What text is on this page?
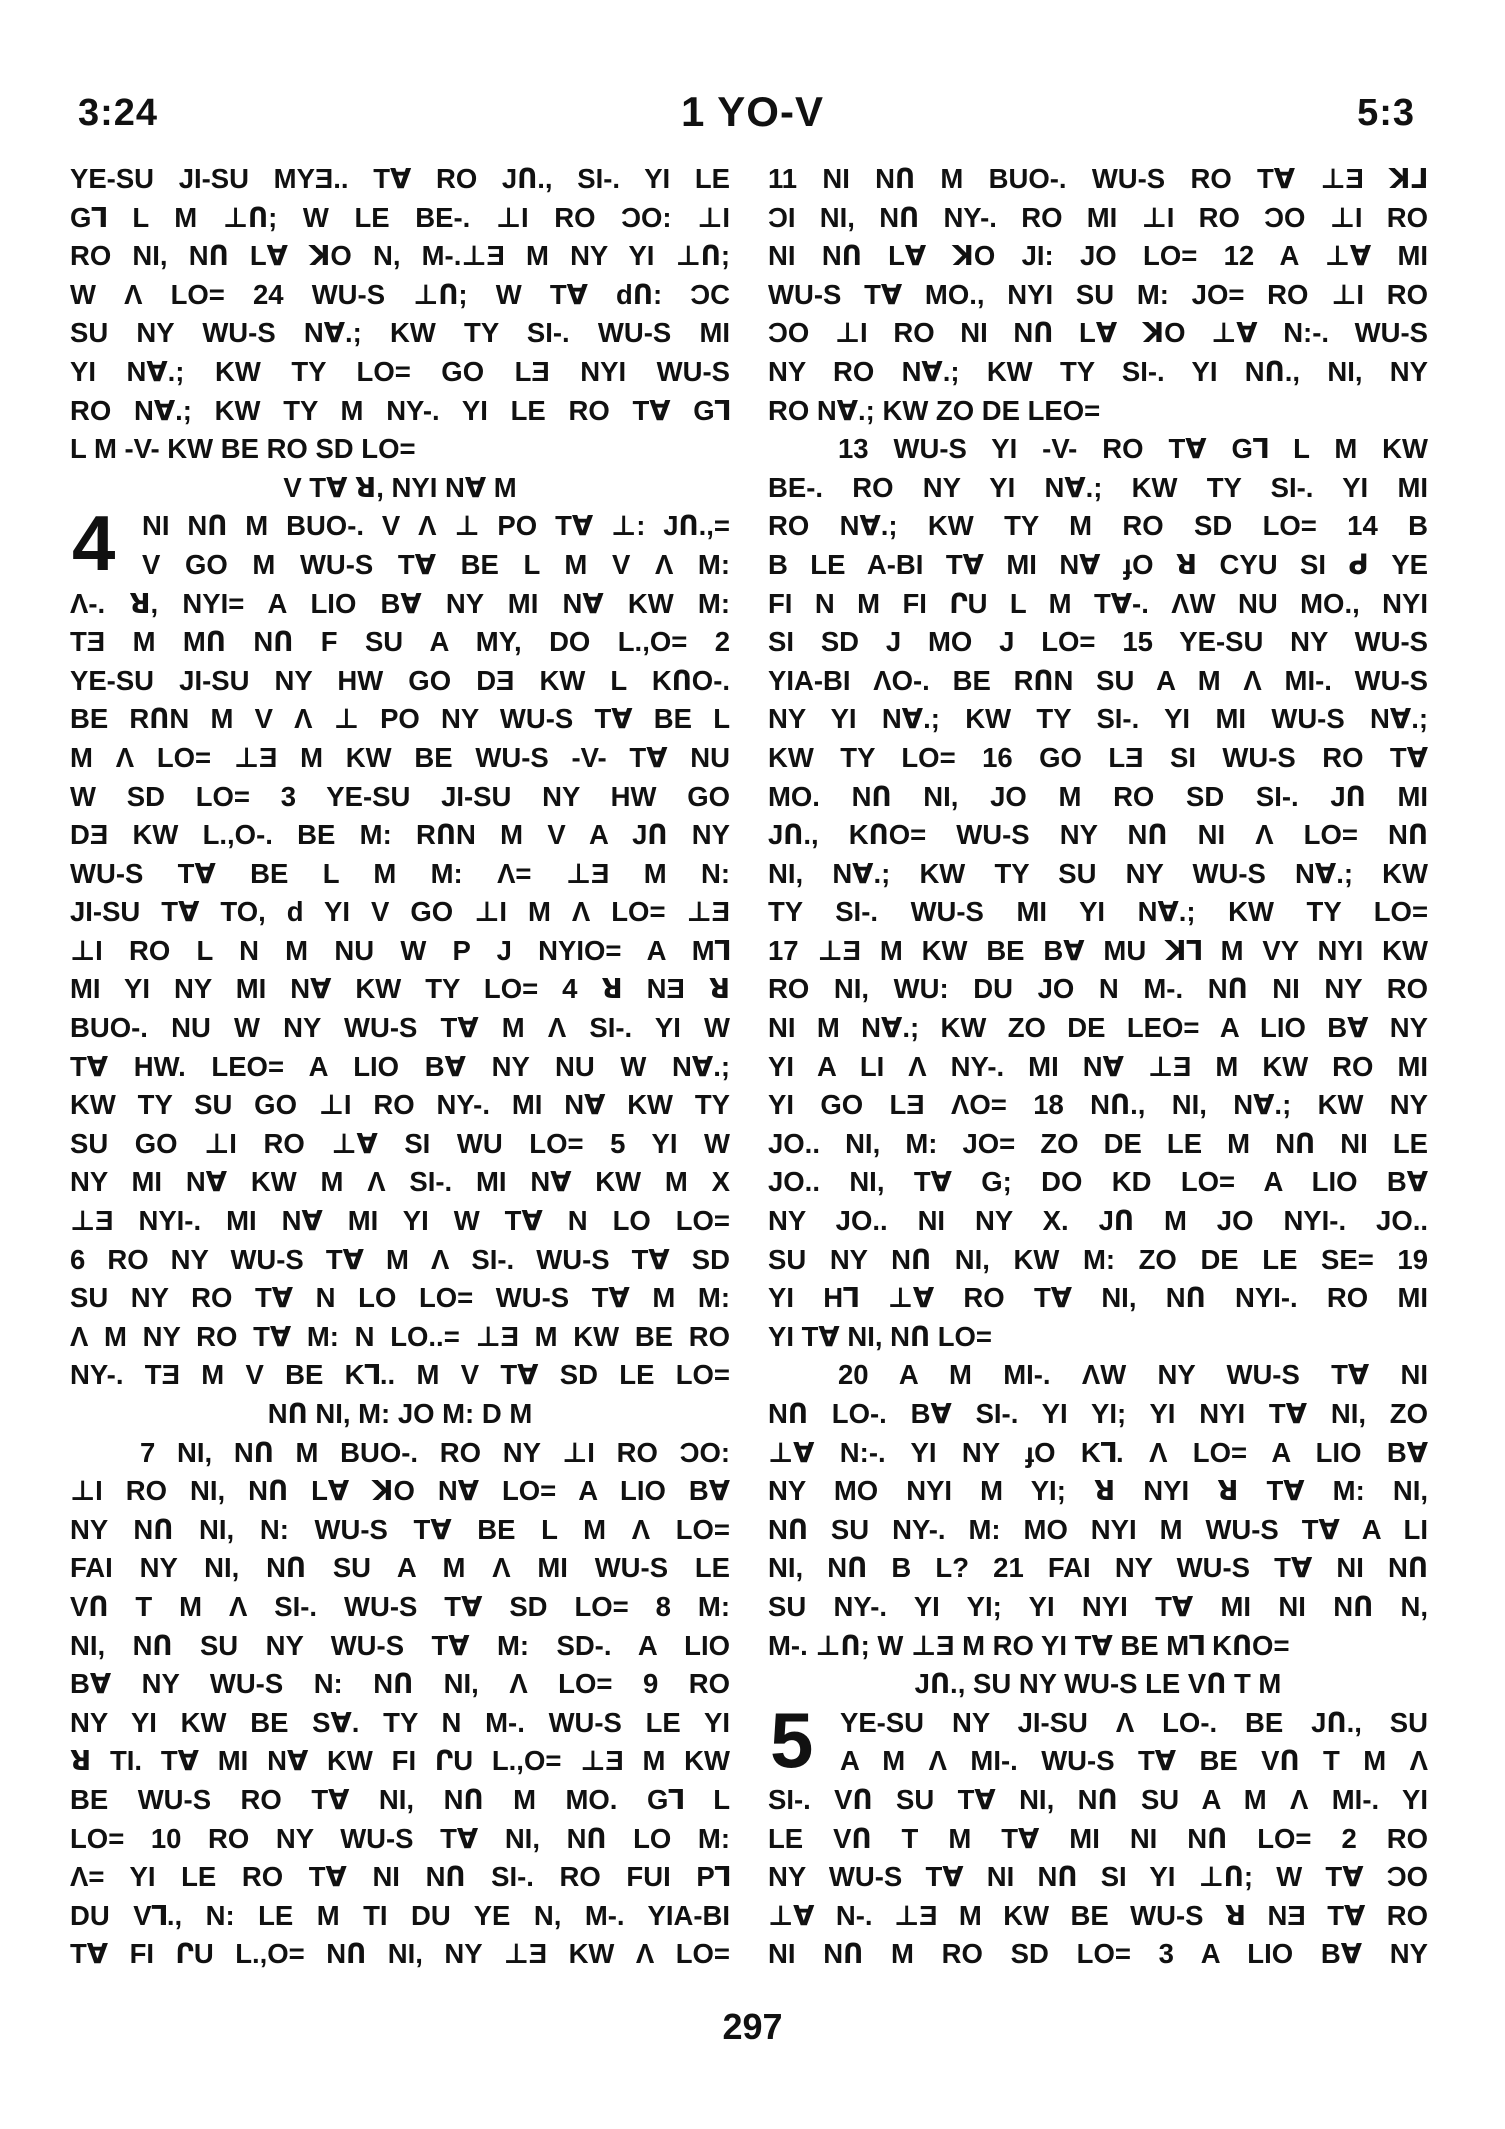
3:24	1 YO-V	5:3
YE-SU JI-SU MYƎ.. TⱯ RO JՈ., SI-. YI LE
G⅂ L M ⊥Ո; W LE BE-. ⊥I RO ƆO: ⊥I
RO NI, NՈ LⱯ ꓘO N, M-.⊥Ǝ M NY YI ⊥Ո;
W Ʌ LO= 24 WU-S ⊥Ո; W TⱯ dՈ: ƆC
SU NY WU-S NⱯ.; KW TY SI-. WU-S MI
YI NⱯ.; KW TY LO= GO LƎ NYI WU-S
RO NⱯ.; KW TY M NY-. YI LE RO TⱯ G⅂
L M -V- KW BE RO SD LO=
V TⱯ ꓤ, NYI NⱯ M
4 NI NՈ M BUO-. V Ʌ ⊥ PO TⱯ ⊥: JՈ.,=
V GO M WU-S TⱯ BE L M V Ʌ M:
Ʌ-. ꓤ, NYI= A LIO BⱯ NY MI NⱯ KW M:
TƎ M MՈ NՈ F SU A MY, DO L.,O= 2
YE-SU JI-SU NY HW GO DƎ KW L KՈO-.
BE RՈN M V Ʌ ⊥ PO NY WU-S TⱯ BE L
M Ʌ LO= ⊥Ǝ M KW BE WU-S -V- TⱯ NU
W SD LO= 3 YE-SU JI-SU NY HW GO
DƎ KW L.,O-. BE M: RՈN M V A JՈ NY
WU-S TⱯ BE L M M: Ʌ= ⊥Ǝ M N:
JI-SU TⱯ TO, d YI V GO ⊥I M Ʌ LO= ⊥Ǝ
⊥I RO L N M NU W P J NYIO= A M⅂
MI YI NY MI NⱯ KW TY LO= 4 ꓤ NƎ ꓤ
BUO-. NU W NY WU-S TⱯ M Ʌ SI-. YI W
TⱯ HW. LEO= A LIO BⱯ NY NU W NⱯ.;
KW TY SU GO ⊥I RO NY-. MI NⱯ KW TY
SU GO ⊥I RO ⊥Ɐ SI WU LO= 5 YI W
NY MI NⱯ KW M Ʌ SI-. MI NⱯ KW M X
⊥Ǝ NYI-. MI NⱯ MI YI W TⱯ N LO LO=
6 RO NY WU-S TⱯ M Ʌ SI-. WU-S TⱯ SD
SU NY RO TⱯ N LO LO= WU-S TⱯ M M:
Ʌ M NY RO TⱯ M: N LO..= ⊥Ǝ M KW BE RO
NY-. TƎ M V BE K⅂.. M V TⱯ SD LE LO=
NՈ NI, M: JO M: D M
7 NI, NՈ M BUO-. RO NY ⊥I RO ƆO:
⊥I RO NI, NՈ LⱯ ꓘO NⱯ LO= A LIO BⱯ
NY NՈ NI, N: WU-S TⱯ BE L M Ʌ LO=
FAI NY NI, NՈ SU A M Ʌ MI WU-S LE
VՈ T M Ʌ SI-. WU-S TⱯ SD LO= 8 M:
NI, NՈ SU NY WU-S TⱯ M: SD-. A LIO
BⱯ NY WU-S N: NՈ NI, Ʌ LO= 9 RO
NY YI KW BE SⱯ. TY N M-. WU-S LE YI
ꓤ TI. TⱯ MI NⱯ KW FI ՐU L.,O= ⊥Ǝ M KW
BE WU-S RO TⱯ NI, NՈ M MO. G⅂ L
LO= 10 RO NY WU-S TⱯ NI, NՈ LO M:
Ʌ= YI LE RO TⱯ NI NՈ SI-. RO FUI P⅂
DU V⅂., N: LE M TI DU YE N, M-. YIA-BI
TⱯ FI ՐU L.,O= NՈ NI, NY ⊥Ǝ KW Ʌ LO=
11 NI NՈ M BUO-. WU-S RO TⱯ ⊥Ǝ ꓘ⅃
ƆI NI, NՈ NY-. RO MI ⊥I RO ƆO ⊥I RO
NI NՈ LⱯ ꓘO JI: JO LO= 12 A ⊥Ɐ MI
WU-S TⱯ MO., NYI SU M: JO= RO ⊥I RO
ƆO ⊥I RO NI NՈ LⱯ ꓘO ⊥Ɐ N:-. WU-S
NY RO NⱯ.; KW TY SI-. YI NՈ., NI, NY
RO NⱯ.; KW ZO DE LEO=
13 WU-S YI -V- RO TⱯ G⅂ L M KW
BE-. RO NY YI NⱯ.; KW TY SI-. YI MI
RO NⱯ.; KW TY M RO SD LO= 14 B
B LE A-BI TⱯ MI NⱯ ɟO ꓤ CYU SI ᑯ YE
FI N M FI ՐU L M TⱯ-. ɅW NU MO., NYI
SI SD J MO J LO= 15 YE-SU NY WU-S
YIA-BI ɅO-. BE RՈN SU A M Ʌ MI-. WU-S
NY YI NⱯ.; KW TY SI-. YI MI WU-S NⱯ.;
KW TY LO= 16 GO LƎ SI WU-S RO TⱯ
MO. NՈ NI, JO M RO SD SI-. JՈ MI
JՈ., KՈO= WU-S NY NՈ NI Ʌ LO= NՈ
NI, NⱯ.; KW TY SU NY WU-S NⱯ.; KW
TY SI-. WU-S MI YI NⱯ.; KW TY LO=
17 ⊥Ǝ M KW BE BⱯ MU ꓘ⅂ M VY NYI KW
RO NI, WU: DU JO N M-. NՈ NI NY RO
NI M NⱯ.; KW ZO DE LEO= A LIO BⱯ NY
YI A LI Ʌ NY-. MI NⱯ ⊥Ǝ M KW RO MI
YI GO LƎ ɅO= 18 NՈ., NI, NⱯ.; KW NY
JO.. NI, M: JO= ZO DE LE M NՈ NI LE
JO.. NI, TⱯ G; DO KD LO= A LIO BⱯ
NY JO.. NI NY X. JՈ M JO NYI-. JO..
SU NY NՈ NI, KW M: ZO DE LE SE= 19
YI H⅂ ⊥Ɐ RO TⱯ NI, NՈ NYI-. RO MI
YI TⱯ NI, NՈ LO=
20 A M MI-. ɅW NY WU-S TⱯ NI
NՈ LO-. BⱯ SI-. YI YI; YI NYI TⱯ NI, ZO
⊥Ɐ N:-. YI NY ɟO K⅂. Ʌ LO= A LIO BⱯ
NY MO NYI M YI; ꓤ NYI ꓤ TⱯ M: NI,
NՈ SU NY-. M: MO NYI M WU-S TⱯ A LI
NI, NՈ B L? 21 FAI NY WU-S TⱯ NI NՈ
SU NY-. YI YI; YI NYI TⱯ MI NI NՈ N,
M-. ⊥Ո; W ⊥Ǝ M RO YI TⱯ BE M⅂ KՈO=
JՈ., SU NY WU-S LE VՈ T M
5 YE-SU NY JI-SU Ʌ LO-. BE JՈ., SU
A M Ʌ MI-. WU-S TⱯ BE VՈ T M Ʌ
SI-. VՈ SU TⱯ NI, NՈ SU A M Ʌ MI-. YI
LE VՈ T M TⱯ MI NI NՈ LO= 2 RO
NY WU-S TⱯ NI NՈ SI YI ⊥Ո; W TⱯ ƆO
⊥Ɐ N-. ⊥Ǝ M KW BE WU-S ꓤ NƎ TⱯ RO
NI NՈ M RO SD LO= 3 A LIO BⱯ NY
297
